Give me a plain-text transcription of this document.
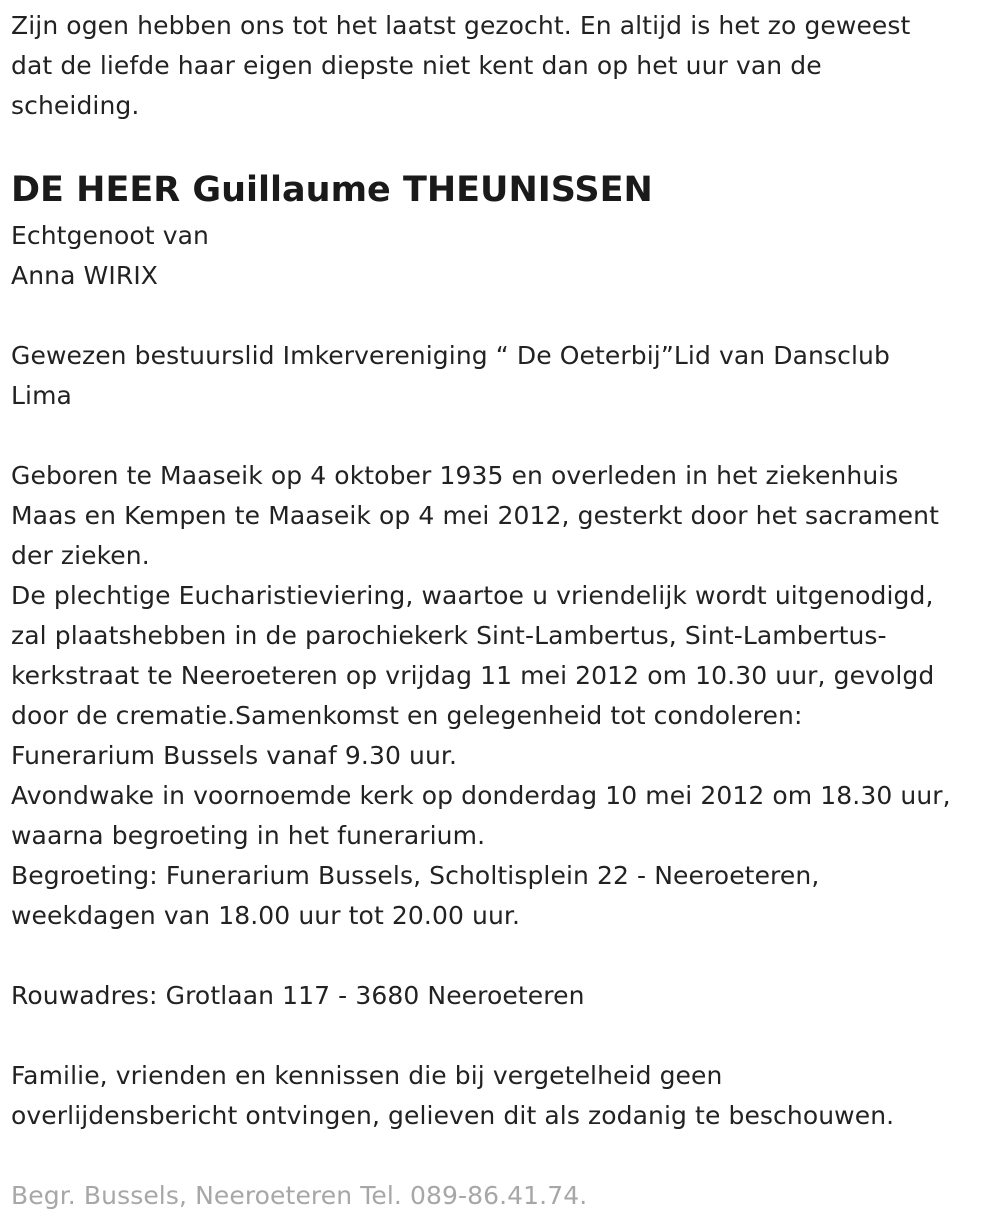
Zijn ogen hebben ons tot het laatst gezocht. En altijd is het zo geweest
dat de liefde haar eigen diepste niet kent dan op het uur van de
scheiding.
DE HEER Guillaume THEUNISSEN
Echtgenoot van
Anna WIRIX
Gewezen bestuurslid Imkervereniging “ De Oeterbij”Lid van Dansclub
Lima
Geboren te Maaseik op 4 oktober 1935 en overleden in het ziekenhuis
Maas en Kempen te Maaseik op 4 mei 2012, gesterkt door het sacrament
der zieken.
De plechtige Eucharistieviering, waartoe u vriendelijk wordt uitgenodigd,
zal plaatshebben in de parochiekerk Sint-Lambertus, Sint-Lambertus-
kerkstraat te Neeroeteren op vrijdag 11 mei 2012 om 10.30 uur, gevolgd
door de crematie.Samenkomst en gelegenheid tot condoleren:
Funerarium Bussels vanaf 9.30 uur.
Avondwake in voornoemde kerk op donderdag 10 mei 2012 om 18.30 uur,
waarna begroeting in het funerarium.
Begroeting: Funerarium Bussels, Scholtisplein 22 - Neeroeteren,
weekdagen van 18.00 uur tot 20.00 uur.
Rouwadres: Grotlaan 117 - 3680 Neeroeteren
Familie, vrienden en kennissen die bij vergetelheid geen
overlijdensbericht ontvingen, gelieven dit als zodanig te beschouwen.
Begr. Bussels, Neeroeteren Tel. 089-86.41.74.
